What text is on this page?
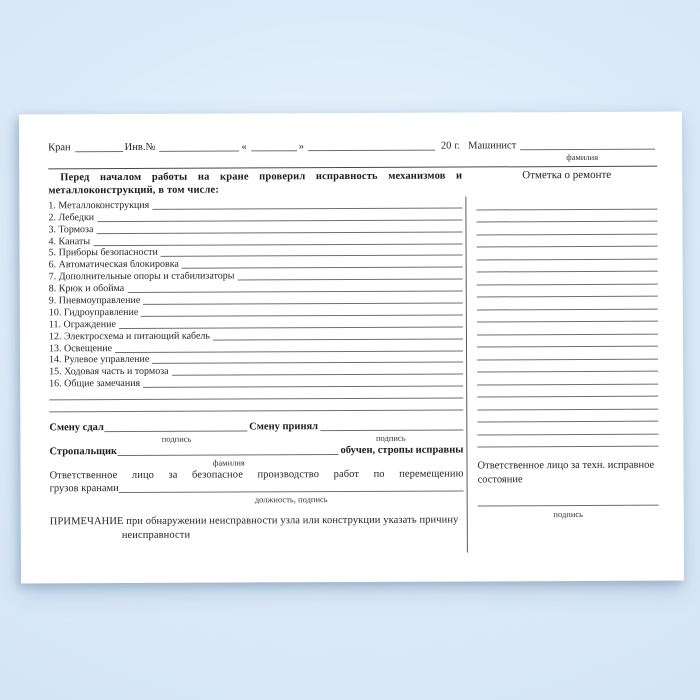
Кран	Инв.№	«	»	20 г. Машинист
фамилия
Перед началом работы на кране проверил исправность механизмов и металлоконструкций, в том числе:
1. Металлоконструкция
2. Лебедки
3. Тормоза
4. Канаты
5. Приборы безопасности
6. Автоматическая блокировка
7. Дополнительные опоры и стабилизаторы
8. Крюк и обойма
9. Пневмоуправление
10. Гидроуправление
11. Ограждение
12. Электросхема и питающий кабель
13. Освещение
14. Рулевое управление
15. Ходовая часть и тормоза
16. Общие замечания
Смену сдал	Смену принял
подпись	подпись
Стропальщик	обучен, стропы исправны
фамилия
Ответственное лицо за безопасное производство работ по перемещению
грузов кранами
должность, подпись
ПРИМЕЧАНИЕ при обнаружении неисправности узла или конструкции указать причину неисправности
Отметка о ремонте
Ответственное лицо за техн. исправное состояние
подпись
